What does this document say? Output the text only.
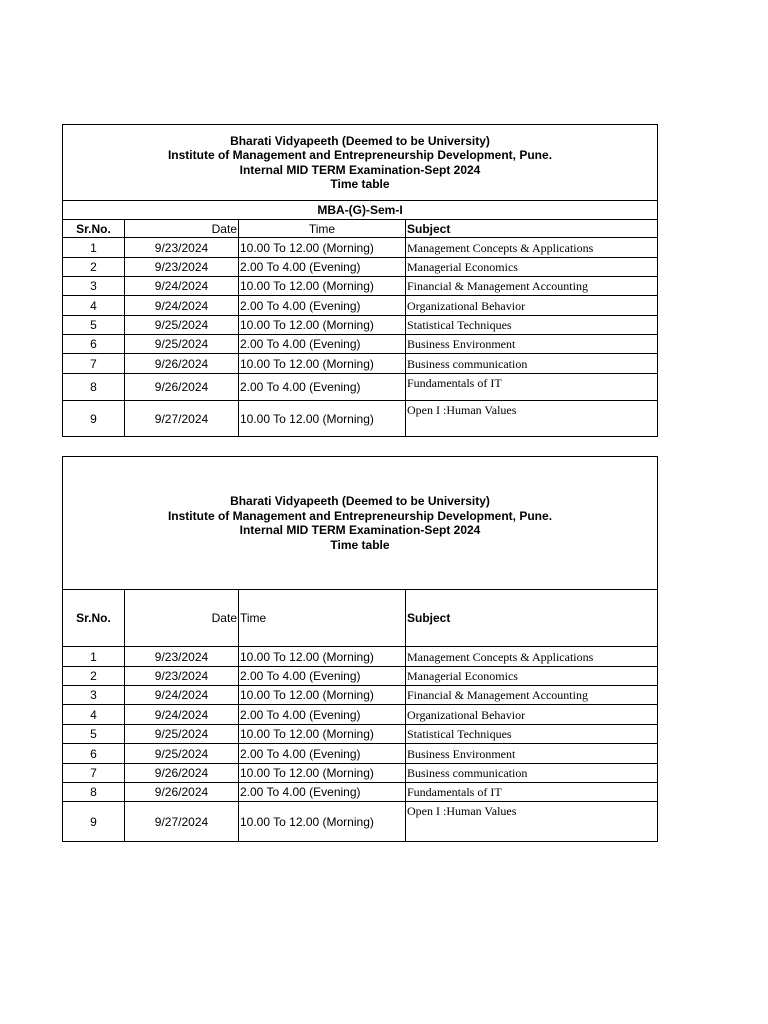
Bharati Vidyapeeth (Deemed to be University)
Institute of Management and Entrepreneurship Development, Pune.
Internal MID TERM Examination-Sept 2024
Time table			

MBA-(G)-Sem-I			
Sr.No.	Date	Time	Subject
1	9/23/2024	10.00 To 12.00 (Morning)	Management Concepts & Applications
2	9/23/2024	2.00 To 4.00 (Evening)	Managerial Economics
3	9/24/2024	10.00 To 12.00 (Morning)	Financial & Management Accounting
4	9/24/2024	2.00 To 4.00 (Evening)	Organizational Behavior
5	9/25/2024	10.00 To 12.00 (Morning)	Statistical Techniques
6	9/25/2024	2.00 To 4.00 (Evening)	Business Environment
7	9/26/2024	10.00 To 12.00 (Morning)	Business communication
8	9/26/2024	2.00 To 4.00 (Evening)	Fundamentals of IT
9	9/27/2024	10.00 To 12.00 (Morning)	Open I :Human Values
Bharati Vidyapeeth (Deemed to be University)
Institute of Management and Entrepreneurship Development, Pune.
Internal MID TERM Examination-Sept 2024
Time table			

Sr.No.	Date	Time	Subject
1	9/23/2024	10.00 To 12.00 (Morning)	Management Concepts & Applications
2	9/23/2024	2.00 To 4.00 (Evening)	Managerial Economics
3	9/24/2024	10.00 To 12.00 (Morning)	Financial & Management Accounting
4	9/24/2024	2.00 To 4.00 (Evening)	Organizational Behavior
5	9/25/2024	10.00 To 12.00 (Morning)	Statistical Techniques
6	9/25/2024	2.00 To 4.00 (Evening)	Business Environment
7	9/26/2024	10.00 To 12.00 (Morning)	Business communication
8	9/26/2024	2.00 To 4.00 (Evening)	Fundamentals of IT
9	9/27/2024	10.00 To 12.00 (Morning)	Open I :Human Values
